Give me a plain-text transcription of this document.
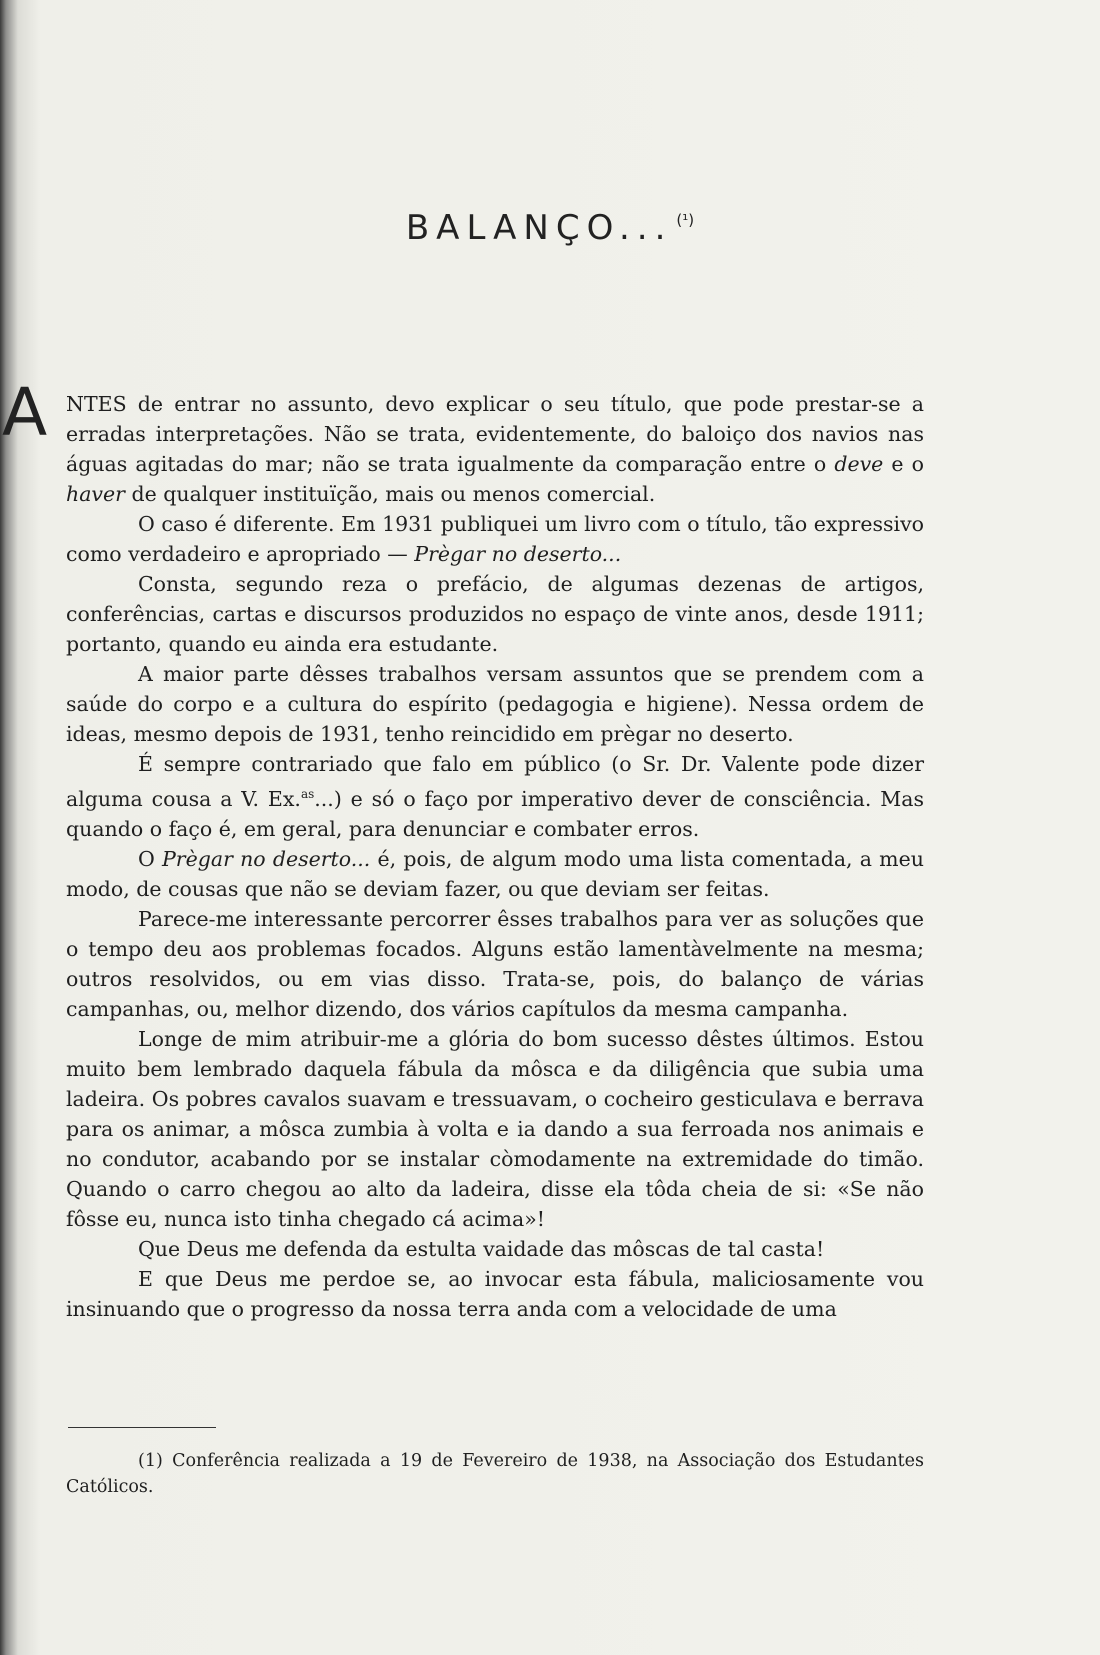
BALANÇO... $^{(^1)}$
A NTES de entrar no assunto, devo explicar o seu título, que pode prestar-se a erradas interpretações. Não se trata, evidentemente, do baloiço dos navios nas águas agitadas do mar; não se trata igualmente da comparação entre o deve e o haver de qualquer instituïção, mais ou menos comercial.

O caso é diferente. Em 1931 publiquei um livro com o título, tão expressivo como verdadeiro e apropriado — Prègar no deserto...

Consta, segundo reza o prefácio, de algumas dezenas de artigos, conferências, cartas e discursos produzidos no espaço de vinte anos, desde 1911; portanto, quando eu ainda era estudante.

A maior parte dêsses trabalhos versam assuntos que se prendem com a saúde do corpo e a cultura do espírito (pedagogia e higiene). Nessa ordem de ideas, mesmo depois de 1931, tenho reincidido em prègar no deserto.

É sempre contrariado que falo em público (o Sr. Dr. Valente pode dizer alguma cousa a V. Ex.$^{as}$...) e só o faço por imperativo dever de consciência. Mas quando o faço é, em geral, para denunciar e combater erros.

O Prègar no deserto... é, pois, de algum modo uma lista comentada, a meu modo, de cousas que não se deviam fazer, ou que deviam ser feitas.

Parece-me interessante percorrer êsses trabalhos para ver as soluções que o tempo deu aos problemas focados. Alguns estão lamentàvelmente na mesma; outros resolvidos, ou em vias disso. Trata-se, pois, do balanço de várias campanhas, ou, melhor dizendo, dos vários capítulos da mesma campanha.

Longe de mim atribuir-me a glória do bom sucesso dêstes últimos. Estou muito bem lembrado daquela fábula da môsca e da diligência que subia uma ladeira. Os pobres cavalos suavam e tressuavam, o cocheiro gesticulava e berrava para os animar, a môsca zumbia à volta e ia dando a sua ferroada nos animais e no condutor, acabando por se instalar còmodamente na extremidade do timão. Quando o carro chegou ao alto da ladeira, disse ela tôda cheia de si: «Se não fôsse eu, nunca isto tinha chegado cá acima»!

Que Deus me defenda da estulta vaidade das môscas de tal casta!

E que Deus me perdoe se, ao invocar esta fábula, maliciosamente vou insinuando que o progresso da nossa terra anda com a velocidade de uma

(1) Conferência realizada a 19 de Fevereiro de 1938, na Associação dos Estudantes Católicos.
